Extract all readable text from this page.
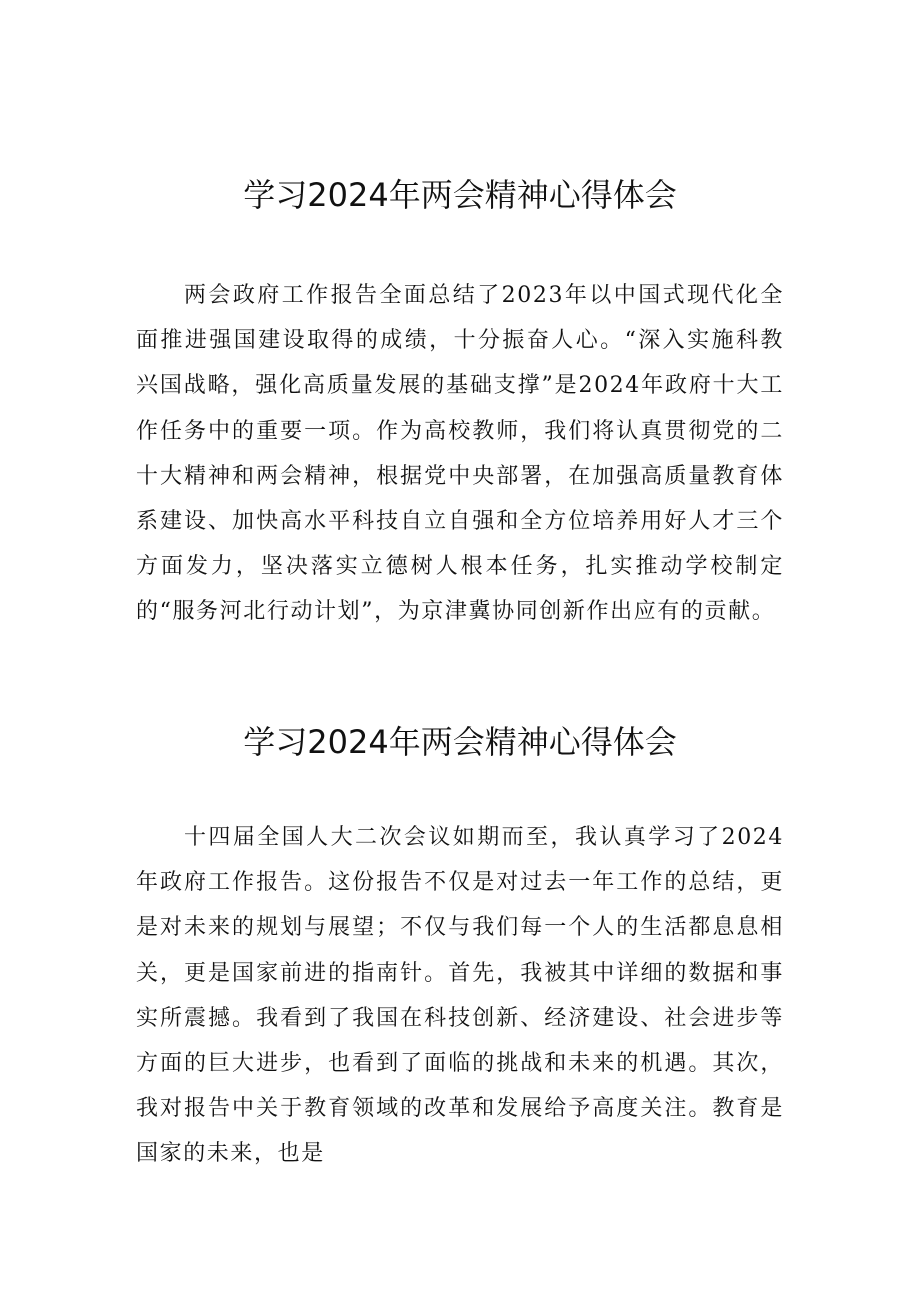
学习2024年两会精神心得体会

两会政府工作报告全面总结了2023年以中国式现代化全面推进强国建设取得的成绩，十分振奋人心。“深入实施科教兴国战略，强化高质量发展的基础支撑”是2024年政府十大工作任务中的重要一项。作为高校教师，我们将认真贯彻党的二十大精神和两会精神，根据党中央部署，在加强高质量教育体系建设、加快高水平科技自立自强和全方位培养用好人才三个方面发力，坚决落实立德树人根本任务，扎实推动学校制定的“服务河北行动计划”，为京津冀协同创新作出应有的贡献。

学习2024年两会精神心得体会

十四届全国人大二次会议如期而至，我认真学习了2024年政府工作报告。这份报告不仅是对过去一年工作的总结，更是对未来的规划与展望；不仅与我们每一个人的生活都息息相关，更是国家前进的指南针。首先，我被其中详细的数据和事实所震撼。我看到了我国在科技创新、经济建设、社会进步等方面的巨大进步，也看到了面临的挑战和未来的机遇。其次，我对报告中关于教育领域的改革和发展给予高度关注。教育是国家的未来，也是
